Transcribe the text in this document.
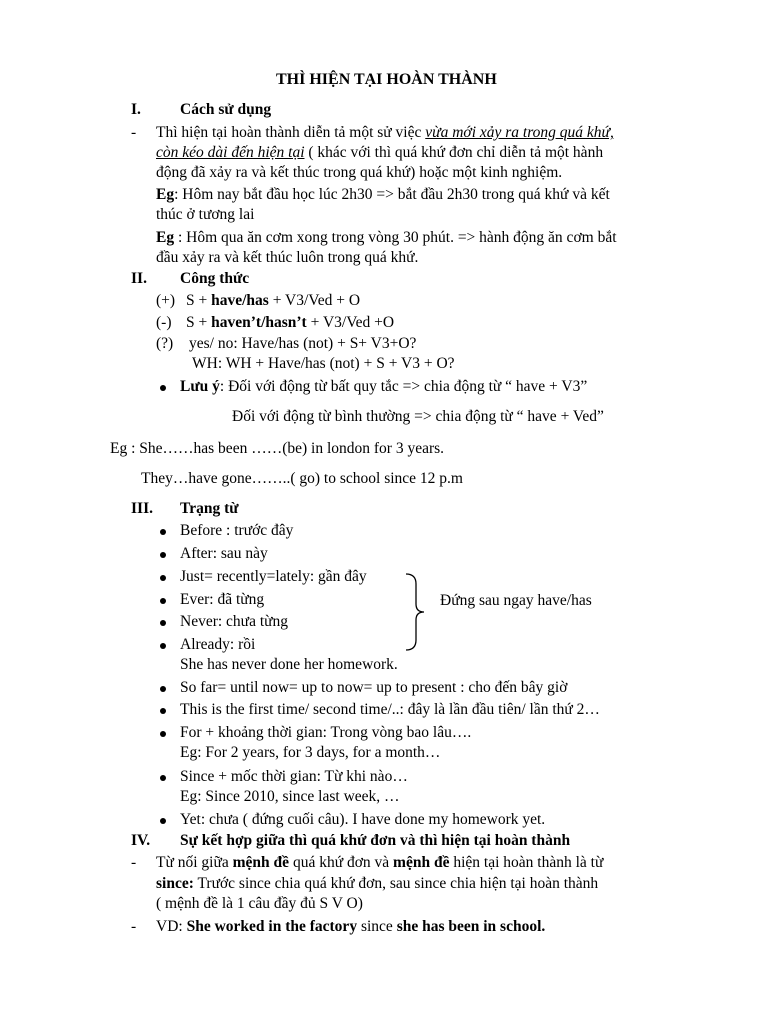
THÌ HIỆN TẠI HOÀN THÀNH
I.	Cách sử dụng
- Thì hiện tại hoàn thành diễn tả một sử việc vừa mới xảy ra trong quá khứ,
còn kéo dài đến hiện tại ( khác với thì quá khứ đơn chỉ diễn tả một hành
động đã xảy ra và kết thúc trong quá khứ) hoặc một kinh nghiệm.
Eg: Hôm nay bắt đầu học lúc 2h30 => bắt đầu 2h30 trong quá khứ và kết
thúc ở tương lai
Eg : Hôm qua ăn cơm xong trong vòng 30 phút. => hành động ăn cơm bắt
đầu xảy ra và kết thúc luôn trong quá khứ.
II. Công thức
(+) S + have/has + V3/Ved + O
(-) S + haven’t/hasn’t + V3/Ved +O
(?) yes/ no: Have/has (not) + S+ V3+O?
WH: WH + Have/has (not) + S + V3 + O?
Lưu ý: Đối với động từ bất quy tắc => chia động từ “ have + V3”
Đối với động từ bình thường => chia động từ “ have + Ved”
Eg : She……has been ……(be) in london for 3 years.
They…have gone……..( go) to school since 12 p.m
III. Trạng từ
Before : trước đây
After: sau này
Just= recently=lately: gần đây
Ever: đã từng
Never: chưa từng
Already: rồi
Đứng sau ngay have/has
She has never done her homework.
So far= until now= up to now= up to present : cho đến bây giờ
This is the first time/ second time/..: đây là lần đầu tiên/ lần thứ 2…
For + khoảng thời gian: Trong vòng bao lâu….
Eg: For 2 years, for 3 days, for a month…
Since + mốc thời gian: Từ khi nào…
Eg: Since 2010, since last week, …
Yet: chưa ( đứng cuối câu). I have done my homework yet.
IV. Sự kết hợp giữa thì quá khứ đơn và thì hiện tại hoàn thành
- Từ nối giữa mệnh đề quá khứ đơn và mệnh đề hiện tại hoàn thành là từ
since: Trước since chia quá khứ đơn, sau since chia hiện tại hoàn thành
( mệnh đề là 1 câu đầy đủ S V O)
- VD: She worked in the factory since she has been in school.
